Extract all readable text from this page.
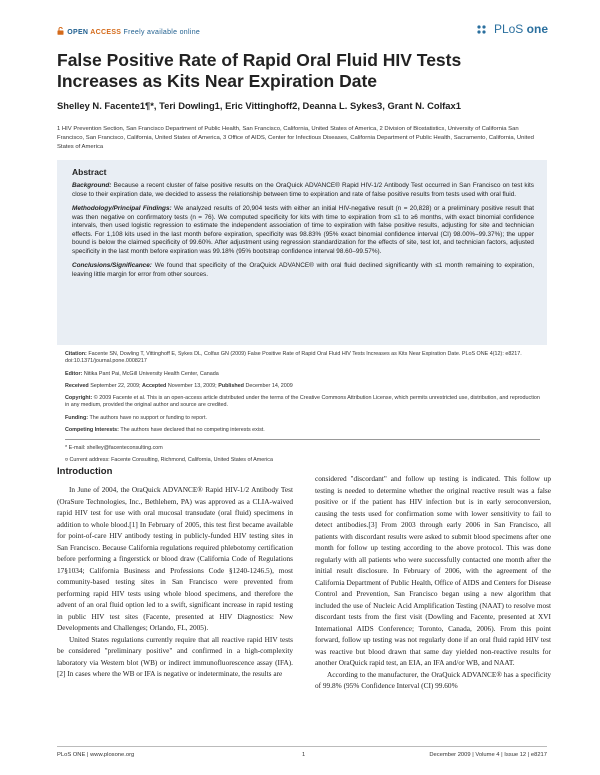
OPEN ACCESS Freely available online	PLoS one
False Positive Rate of Rapid Oral Fluid HIV Tests Increases as Kits Near Expiration Date
Shelley N. Facente1¶*, Teri Dowling1, Eric Vittinghoff2, Deanna L. Sykes3, Grant N. Colfax1
1 HIV Prevention Section, San Francisco Department of Public Health, San Francisco, California, United States of America, 2 Division of Biostatistics, University of California San Francisco, San Francisco, California, United States of America, 3 Office of AIDS, Center for Infectious Diseases, California Department of Public Health, Sacramento, California, United States of America
Abstract

Background: Because a recent cluster of false positive results on the OraQuick ADVANCE® Rapid HIV-1/2 Antibody Test occurred in San Francisco on test kits close to their expiration date, we decided to assess the relationship between time to expiration and rate of false positive results from tests used with oral fluid.

Methodology/Principal Findings: We analyzed results of 20,904 tests with either an initial HIV-negative result (n = 20,828) or a preliminary positive result that was then negative on confirmatory tests (n = 76). We computed specificity for kits with time to expiration from ≤1 to ≥6 months, with exact binomial confidence intervals, then used logistic regression to estimate the independent association of time to expiration with false positive results, adjusting for site and technician effects. For 1,108 kits used in the last month before expiration, specificity was 98.83% (95% exact binomial confidence interval (CI) 98.00%–99.37%); the upper bound is below the claimed specificity of 99.60%. After adjustment using regression standardization for the effects of site, test lot, and technician factors, adjusted specificity in the last month before expiration was 99.18% (95% bootstrap confidence interval 98.60–99.57%).

Conclusions/Significance: We found that specificity of the OraQuick ADVANCE® with oral fluid declined significantly with ≤1 month remaining to expiration, leaving little margin for error from other sources.

Citation: Facente SN, Dowling T, Vittinghoff E, Sykes DL, Colfax GN (2009) False Positive Rate of Rapid Oral Fluid HIV Tests Increases as Kits Near Expiration Date. PLoS ONE 4(12): e8217. doi:10.1371/journal.pone.0008217

Editor: Nitika Pant Pai, McGill University Health Center, Canada

Received September 22, 2009; Accepted November 13, 2009; Published December 14, 2009

Copyright: © 2009 Facente et al. This is an open-access article distributed under the terms of the Creative Commons Attribution License, which permits unrestricted use, distribution, and reproduction in any medium, provided the original author and source are credited.

Funding: The authors have no support or funding to report.

Competing Interests: The authors have declared that no competing interests exist.

* E-mail: shelley@facenteconsulting.com

¤ Current address: Facente Consulting, Richmond, California, United States of America

Introduction

In June of 2004, the OraQuick ADVANCE® Rapid HIV-1/2 Antibody Test (OraSure Technologies, Inc., Bethlehem, PA) was approved as a CLIA-waived rapid HIV test for use with oral mucosal transudate (oral fluid) specimens in addition to whole blood.[1] In February of 2005, this test first became available for point-of-care HIV antibody testing in publicly-funded HIV testing sites in San Francisco. Because California regulations required phlebotomy certification before performing a fingerstick or blood draw (California Code of Regulations 17§1034; California Business and Professions Code §1240-1246.5), most community-based testing sites in San Francisco were prevented from performing rapid HIV tests using whole blood specimens, and therefore the advent of an oral fluid option led to a swift, significant increase in rapid testing in public HIV test sites (Facente, presented at HIV Diagnostics: New Developments and Challenges; Orlando, FL, 2005).

United States regulations currently require that all reactive rapid HIV tests be considered "preliminary positive" and confirmed in a high-complexity laboratory via Western blot (WB) or indirect immunofluorescence assay (IFA).[2] In cases where the WB or IFA is negative or indeterminate, the results are

considered "discordant" and follow up testing is indicated. This follow up testing is needed to determine whether the original reactive result was a false positive or if the patient has HIV infection but is in early seroconversion, causing the tests used for confirmation some with lower sensitivity to fail to detect antibodies.[3] From 2003 through early 2006 in San Francisco, all patients with discordant results were asked to submit blood specimens after one month for follow up testing according to the above protocol. This was done regularly with all patients who were successfully contacted one month after the initial result disclosure. In February of 2006, with the agreement of the California Department of Public Health, Office of AIDS and Centers for Disease Control and Prevention, San Francisco began using a new algorithm that included the use of Nucleic Acid Amplification Testing (NAAT) to resolve most discordant tests from the first visit (Dowling and Facente, presented at XVI International AIDS Conference; Toronto, Canada, 2006). From this point forward, follow up testing was not regularly done if an oral fluid rapid HIV test was reactive but blood drawn that same day yielded non-reactive results for another OraQuick rapid test, an EIA, an IFA and/or WB, and NAAT.

According to the manufacturer, the OraQuick ADVANCE® has a specificity of 99.8% (95% Confidence Interval (CI) 99.60%

PLoS ONE | www.plosone.org	1	December 2009 | Volume 4 | Issue 12 | e8217
